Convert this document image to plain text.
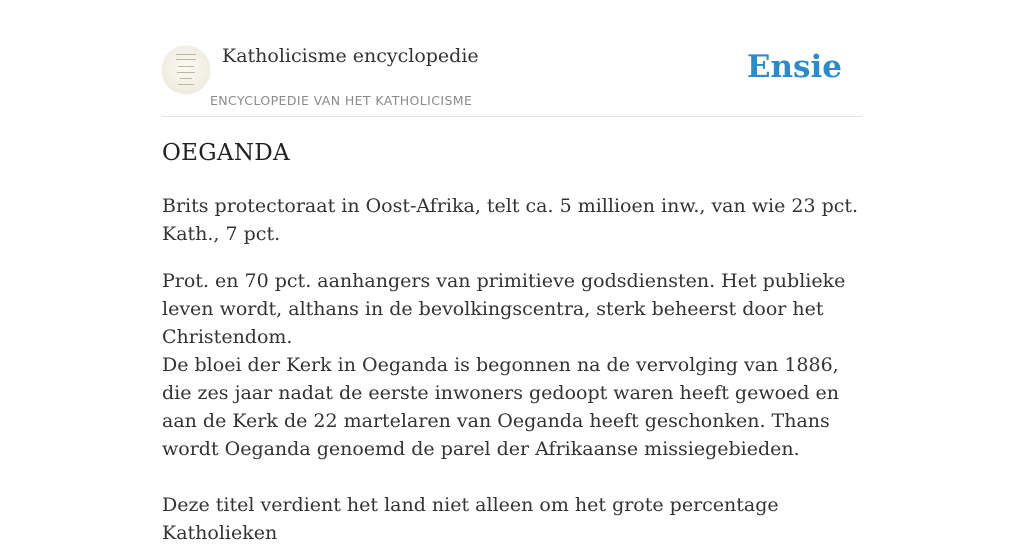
Katholicisme encyclopedie
ENCYCLOPEDIE VAN HET KATHOLICISME
Ensie
OEGANDA

Brits protectoraat in Oost-Afrika, telt ca. 5 millioen inw., van wie 23 pct. Kath., 7 pct.

Prot. en 70 pct. aanhangers van primitieve godsdiensten. Het publieke leven wordt, althans in de bevolkingscentra, sterk beheerst door het Christendom.

De bloei der Kerk in Oeganda is begonnen na de vervolging van 1886, die zes jaar nadat de eerste inwoners gedoopt waren heeft gewoed en aan de Kerk de 22 martelaren van Oeganda heeft geschonken. Thans wordt Oeganda genoemd de parel der Afrikaanse missiegebieden.

Deze titel verdient het land niet alleen om het grote percentage Katholieken
